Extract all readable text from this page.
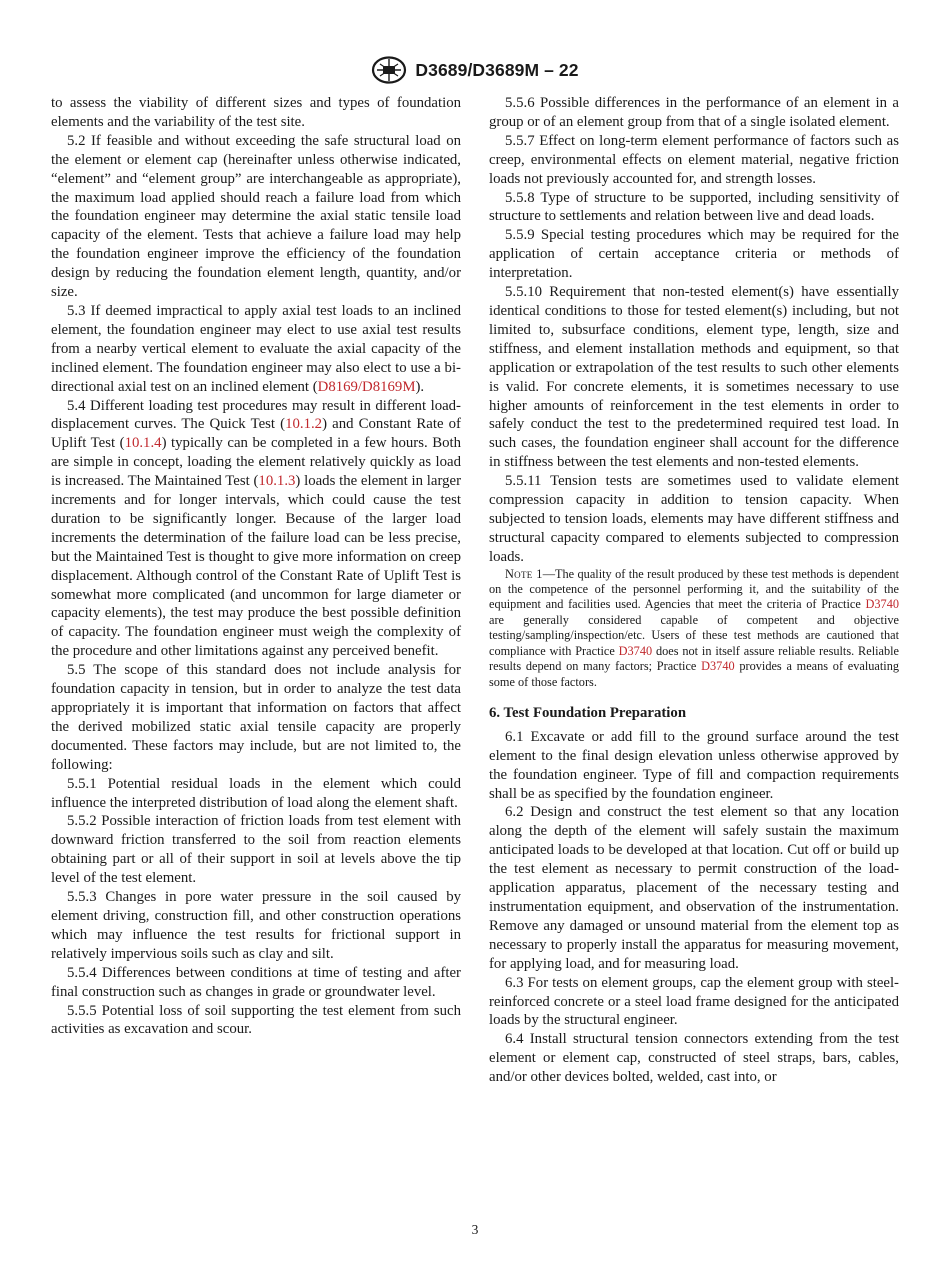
D3689/D3689M – 22

to assess the viability of different sizes and types of foundation elements and the variability of the test site.

5.2 If feasible and without exceeding the safe structural load on the element or element cap (hereinafter unless otherwise indicated, “element” and “element group” are interchangeable as appropriate), the maximum load applied should reach a failure load from which the foundation engineer may determine the axial static tensile load capacity of the element. Tests that achieve a failure load may help the foundation engineer improve the efficiency of the foundation design by reducing the foundation element length, quantity, and/or size.

5.3 If deemed impractical to apply axial test loads to an inclined element, the foundation engineer may elect to use axial test results from a nearby vertical element to evaluate the axial capacity of the inclined element. The foundation engineer may also elect to use a bi-directional axial test on an inclined element (D8169/D8169M).

5.4 Different loading test procedures may result in different load-displacement curves. The Quick Test (10.1.2) and Constant Rate of Uplift Test (10.1.4) typically can be completed in a few hours. Both are simple in concept, loading the element relatively quickly as load is increased. The Maintained Test (10.1.3) loads the element in larger increments and for longer intervals, which could cause the test duration to be significantly longer. Because of the larger load increments the determination of the failure load can be less precise, but the Maintained Test is thought to give more information on creep displacement. Although control of the Constant Rate of Uplift Test is somewhat more complicated (and uncommon for large diameter or capacity elements), the test may produce the best possible definition of capacity. The foundation engineer must weigh the complexity of the procedure and other limitations against any perceived benefit.

5.5 The scope of this standard does not include analysis for foundation capacity in tension, but in order to analyze the test data appropriately it is important that information on factors that affect the derived mobilized static axial tensile capacity are properly documented. These factors may include, but are not limited to, the following:

5.5.1 Potential residual loads in the element which could influence the interpreted distribution of load along the element shaft.

5.5.2 Possible interaction of friction loads from test element with downward friction transferred to the soil from reaction elements obtaining part or all of their support in soil at levels above the tip level of the test element.

5.5.3 Changes in pore water pressure in the soil caused by element driving, construction fill, and other construction operations which may influence the test results for frictional support in relatively impervious soils such as clay and silt.

5.5.4 Differences between conditions at time of testing and after final construction such as changes in grade or groundwater level.

5.5.5 Potential loss of soil supporting the test element from such activities as excavation and scour.

5.5.6 Possible differences in the performance of an element in a group or of an element group from that of a single isolated element.

5.5.7 Effect on long-term element performance of factors such as creep, environmental effects on element material, negative friction loads not previously accounted for, and strength losses.

5.5.8 Type of structure to be supported, including sensitivity of structure to settlements and relation between live and dead loads.

5.5.9 Special testing procedures which may be required for the application of certain acceptance criteria or methods of interpretation.

5.5.10 Requirement that non-tested element(s) have essentially identical conditions to those for tested element(s) including, but not limited to, subsurface conditions, element type, length, size and stiffness, and element installation methods and equipment, so that application or extrapolation of the test results to such other elements is valid. For concrete elements, it is sometimes necessary to use higher amounts of reinforcement in the test elements in order to safely conduct the test to the predetermined required test load. In such cases, the foundation engineer shall account for the difference in stiffness between the test elements and non-tested elements.

5.5.11 Tension tests are sometimes used to validate element compression capacity in addition to tension capacity. When subjected to tension loads, elements may have different stiffness and structural capacity compared to elements subjected to compression loads.

Note 1—The quality of the result produced by these test methods is dependent on the competence of the personnel performing it, and the suitability of the equipment and facilities used. Agencies that meet the criteria of Practice D3740 are generally considered capable of competent and objective testing/sampling/inspection/etc. Users of these test methods are cautioned that compliance with Practice D3740 does not in itself assure reliable results. Reliable results depend on many factors; Practice D3740 provides a means of evaluating some of those factors.

6. Test Foundation Preparation

6.1 Excavate or add fill to the ground surface around the test element to the final design elevation unless otherwise approved by the foundation engineer. Type of fill and compaction requirements shall be as specified by the foundation engineer.

6.2 Design and construct the test element so that any location along the depth of the element will safely sustain the maximum anticipated loads to be developed at that location. Cut off or build up the test element as necessary to permit construction of the load-application apparatus, placement of the necessary testing and instrumentation equipment, and observation of the instrumentation. Remove any damaged or unsound material from the element top as necessary to properly install the apparatus for measuring movement, for applying load, and for measuring load.

6.3 For tests on element groups, cap the element group with steel-reinforced concrete or a steel load frame designed for the anticipated loads by the structural engineer.

6.4 Install structural tension connectors extending from the test element or element cap, constructed of steel straps, bars, cables, and/or other devices bolted, welded, cast into, or

3
